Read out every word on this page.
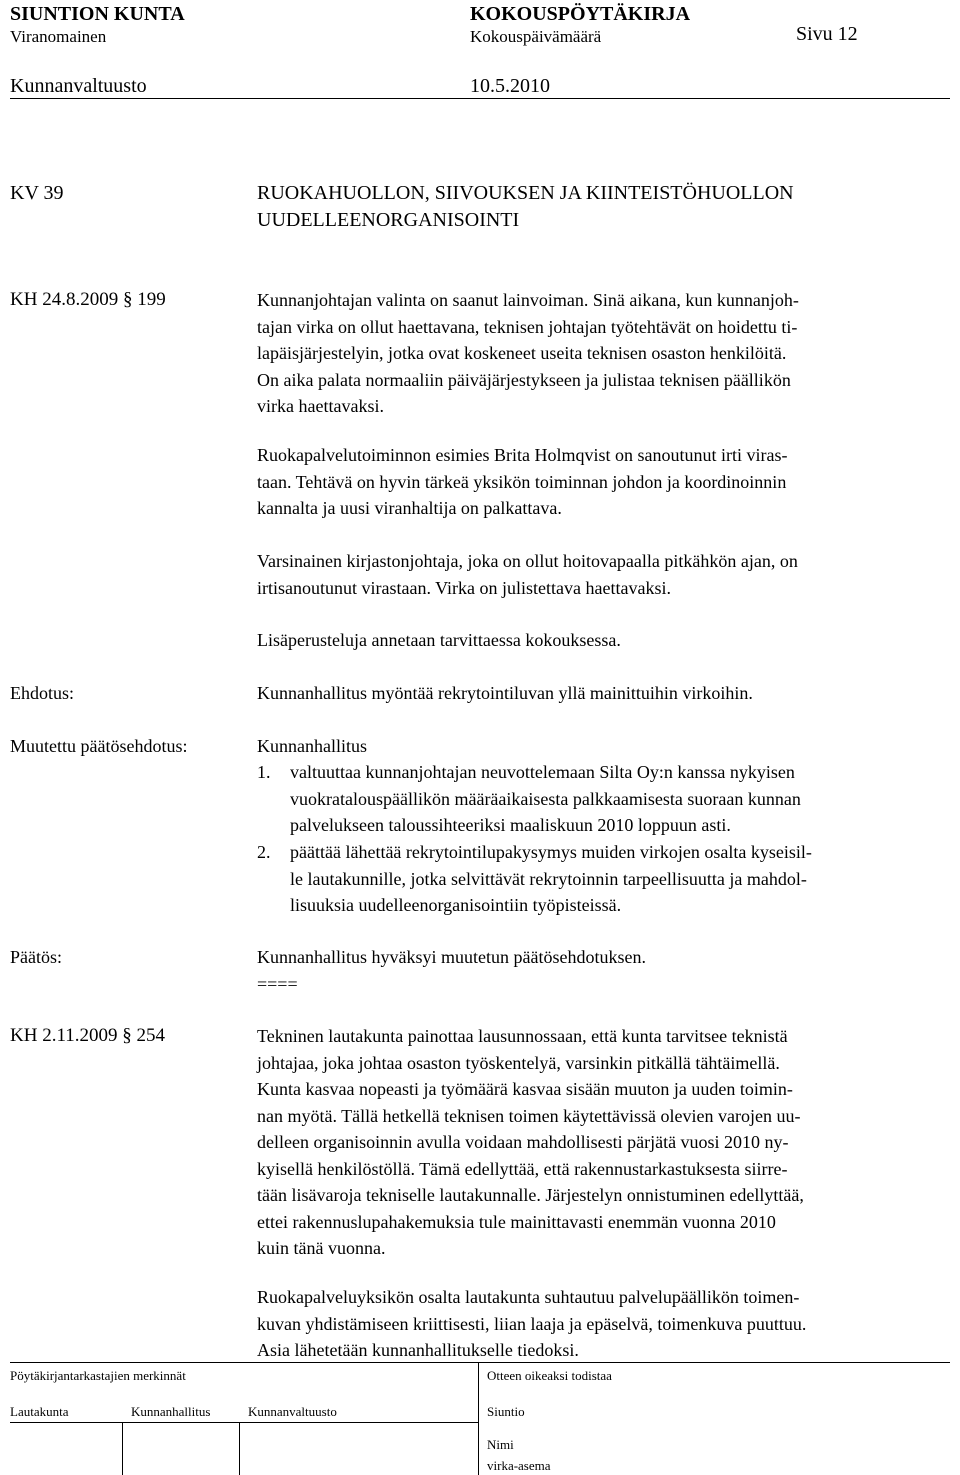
SIUNTION KUNTA	KOKOUSPÖYTÄKIRJA
Viranomainen	Kokouspäivämäärä	Sivu 12
Kunnanvaltuusto	10.5.2010
KV 39	RUOKAHUOLLON, SIIVOUKSEN JA KIINTEISTÖHUOLLON
UUDELLEENORGANISOINTI
KH 24.8.2009 § 199	Kunnanjohtajan valinta on saanut lainvoiman. Sinä aikana, kun kunnanjoh-
tajan virka on ollut haettavana, teknisen johtajan työtehtävät on hoidettu ti-
lapäisjärjestelyin, jotka ovat koskeneet useita teknisen osaston henkilöitä.
On aika palata normaaliin päiväjärjestykseen ja julistaa teknisen päällikön
virka haettavaksi.
Ruokapalvelutoiminnon esimies Brita Holmqvist on sanoutunut irti viras-
taan. Tehtävä on hyvin tärkeä yksikön toiminnan johdon ja koordinoinnin
kannalta ja uusi viranhaltija on palkattava.
Varsinainen kirjastonjohtaja, joka on ollut hoitovapaalla pitkähkön ajan, on
irtisanoutunut virastaan. Virka on julistettava haettavaksi.
Lisäperusteluja annetaan tarvittaessa kokouksessa.
Ehdotus:	Kunnanhallitus myöntää rekrytointiluvan yllä mainittuihin virkoihin.
Muutettu päätösehdotus:	Kunnanhallitus
1. valtuuttaa kunnanjohtajan neuvottelemaan Silta Oy:n kanssa nykyisen
vuokratalouspäällikön määräaikaisesta palkkaamisesta suoraan kunnan
palvelukseen taloussihteeriksi maaliskuun 2010 loppuun asti.
2. päättää lähettää rekrytointilupakysymys muiden virkojen osalta kyseisil-
le lautakunnille, jotka selvittävät rekrytoinnin tarpeellisuutta ja mahdol-
lisuuksia uudelleenorganisointiin työpisteissä.
Päätös:	Kunnanhallitus hyväksyi muutetun päätösehdotuksen.
====
KH 2.11.2009 § 254	Tekninen lautakunta painottaa lausunnossaan, että kunta tarvitsee teknistä
johtajaa, joka johtaa osaston työskentelyä, varsinkin pitkällä tähtäimellä.
Kunta kasvaa nopeasti ja työmäärä kasvaa sisään muuton ja uuden toimin-
nan myötä. Tällä hetkellä teknisen toimen käytettävissä olevien varojen uu-
delleen organisoinnin avulla voidaan mahdollisesti pärjätä vuosi 2010 ny-
kyisellä henkilöstöllä. Tämä edellyttää, että rakennustarkastuksesta siirre-
tään lisävaroja tekniselle lautakunnalle. Järjestelyn onnistuminen edellyttää,
ettei rakennuslupahakemuksia tule mainittavasti enemmän vuonna 2010
kuin tänä vuonna.
Ruokapalveluyksikön osalta lautakunta suhtautuu palvelupäällikön toimen-
kuvan yhdistämiseen kriittisesti, liian laaja ja epäselvä, toimenkuva puuttuu.
Asia lähetetään kunnanhallitukselle tiedoksi.
Pöytäkirjantarkastajien merkinnät	Otteen oikeaksi todistaa
Lautakunta	Kunnanhallitus	Kunnanvaltuusto	Siuntio
Nimi
virka-asema
